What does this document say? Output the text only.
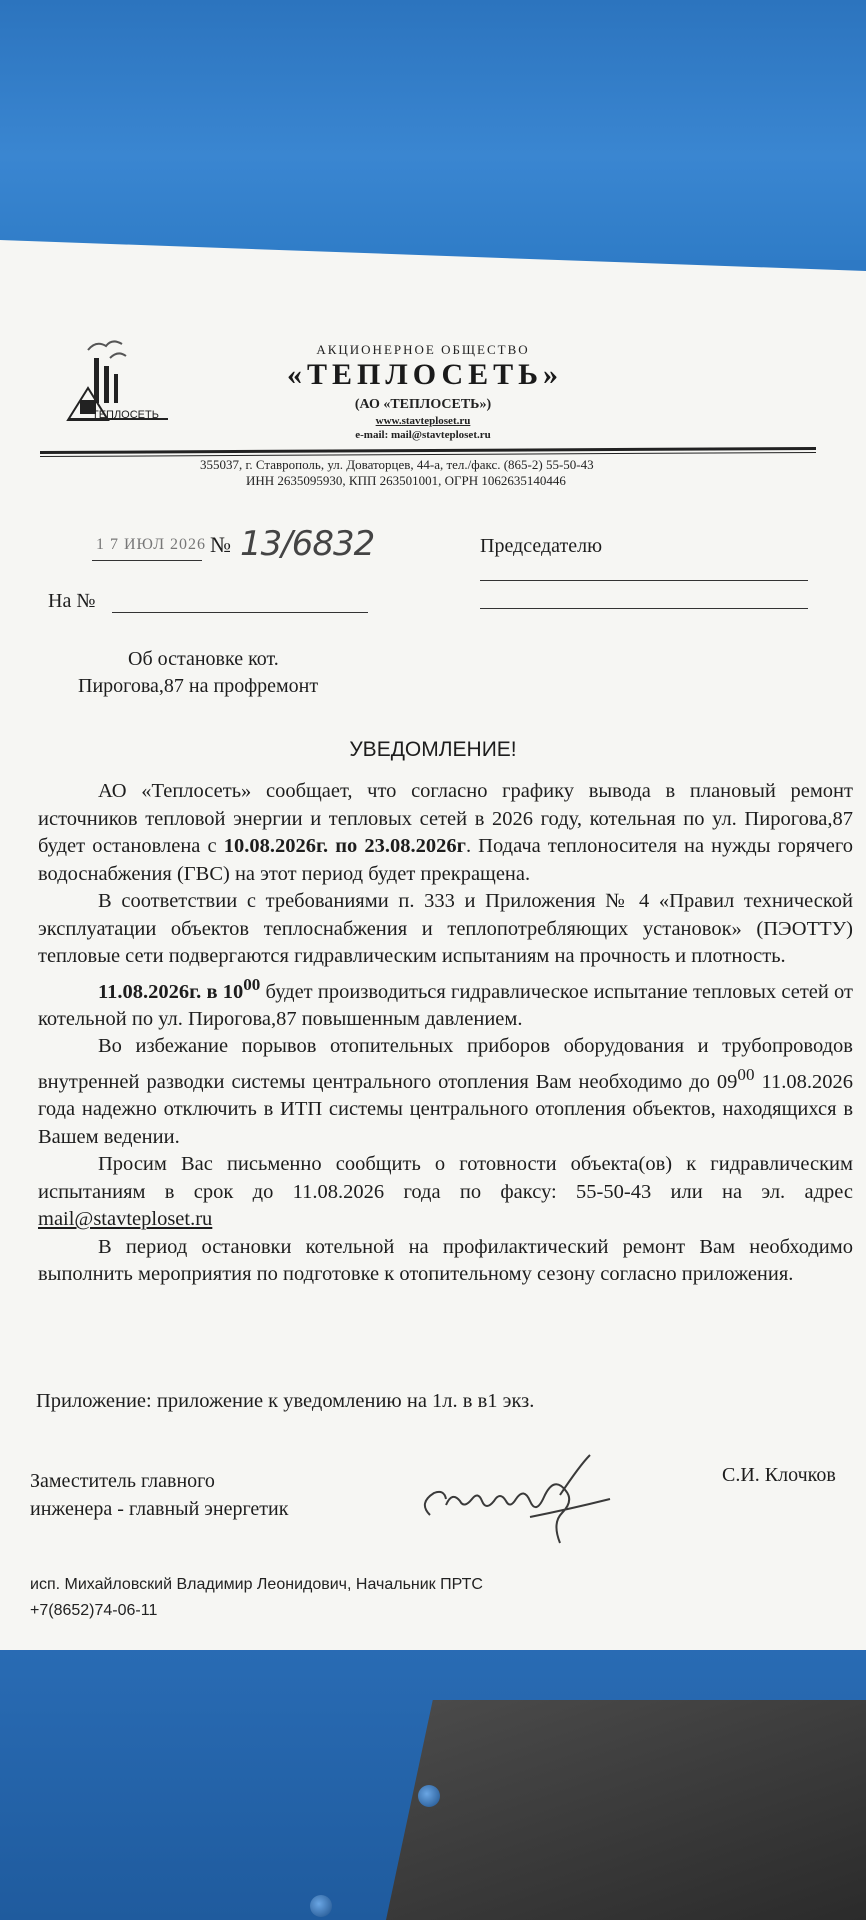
ТЕПЛОСЕТЬ
АКЦИОНЕРНОЕ ОБЩЕСТВО
«ТЕПЛОСЕТЬ»
(АО «ТЕПЛОСЕТЬ»)
www.stavteploset.ru
e-mail: mail@stavteploset.ru
355037, г. Ставрополь, ул. Доваторцев, 44-а, тел./факс. (865-2) 55-50-43
ИНН 2635095930, КПП 263501001, ОГРН 1062635140446
1 7 ИЮЛ 2026 № 13/6832	Председателю
На №
Об остановке кот.
Пирогова,87 на профремонт
УВЕДОМЛЕНИЕ!

АО «Теплосеть» сообщает, что согласно графику вывода в плановый ремонт источников тепловой энергии и тепловых сетей в 2026 году, котельная по ул. Пирогова,87 будет остановлена с 10.08.2026г. по 23.08.2026г. Подача теплоносителя на нужды горячего водоснабжения (ГВС) на этот период будет прекращена.

В соответствии с требованиями п. 333 и Приложения № 4 «Правил технической эксплуатации объектов теплоснабжения и теплопотребляющих установок» (ПЭОТТУ) тепловые сети подвергаются гидравлическим испытаниям на прочность и плотность.

11.08.2026г. в $10^{00}$ будет производиться гидравлическое испытание тепловых сетей от котельной по ул. Пирогова,87 повышенным давлением.

Во избежание порывов отопительных приборов оборудования и трубопроводов внутренней разводки системы центрального отопления Вам необходимо до $09^{00}$ 11.08.2026 года надежно отключить в ИТП системы центрального отопления объектов, находящихся в Вашем ведении.

Просим Вас письменно сообщить о готовности объекта(ов) к гидравлическим испытаниям в срок до 11.08.2026 года по факсу: 55-50-43 или на эл. адрес mail@stavteploset.ru

В период остановки котельной на профилактический ремонт Вам необходимо выполнить мероприятия по подготовке к отопительному сезону согласно приложения.

Приложение: приложение к уведомлению на 1л. в в1 экз.
Заместитель главного
инженера - главный энергетик
С.И. Клочков
исп. Михайловский Владимир Леонидович, Начальник ПРТС
+7(8652)74-06-11
